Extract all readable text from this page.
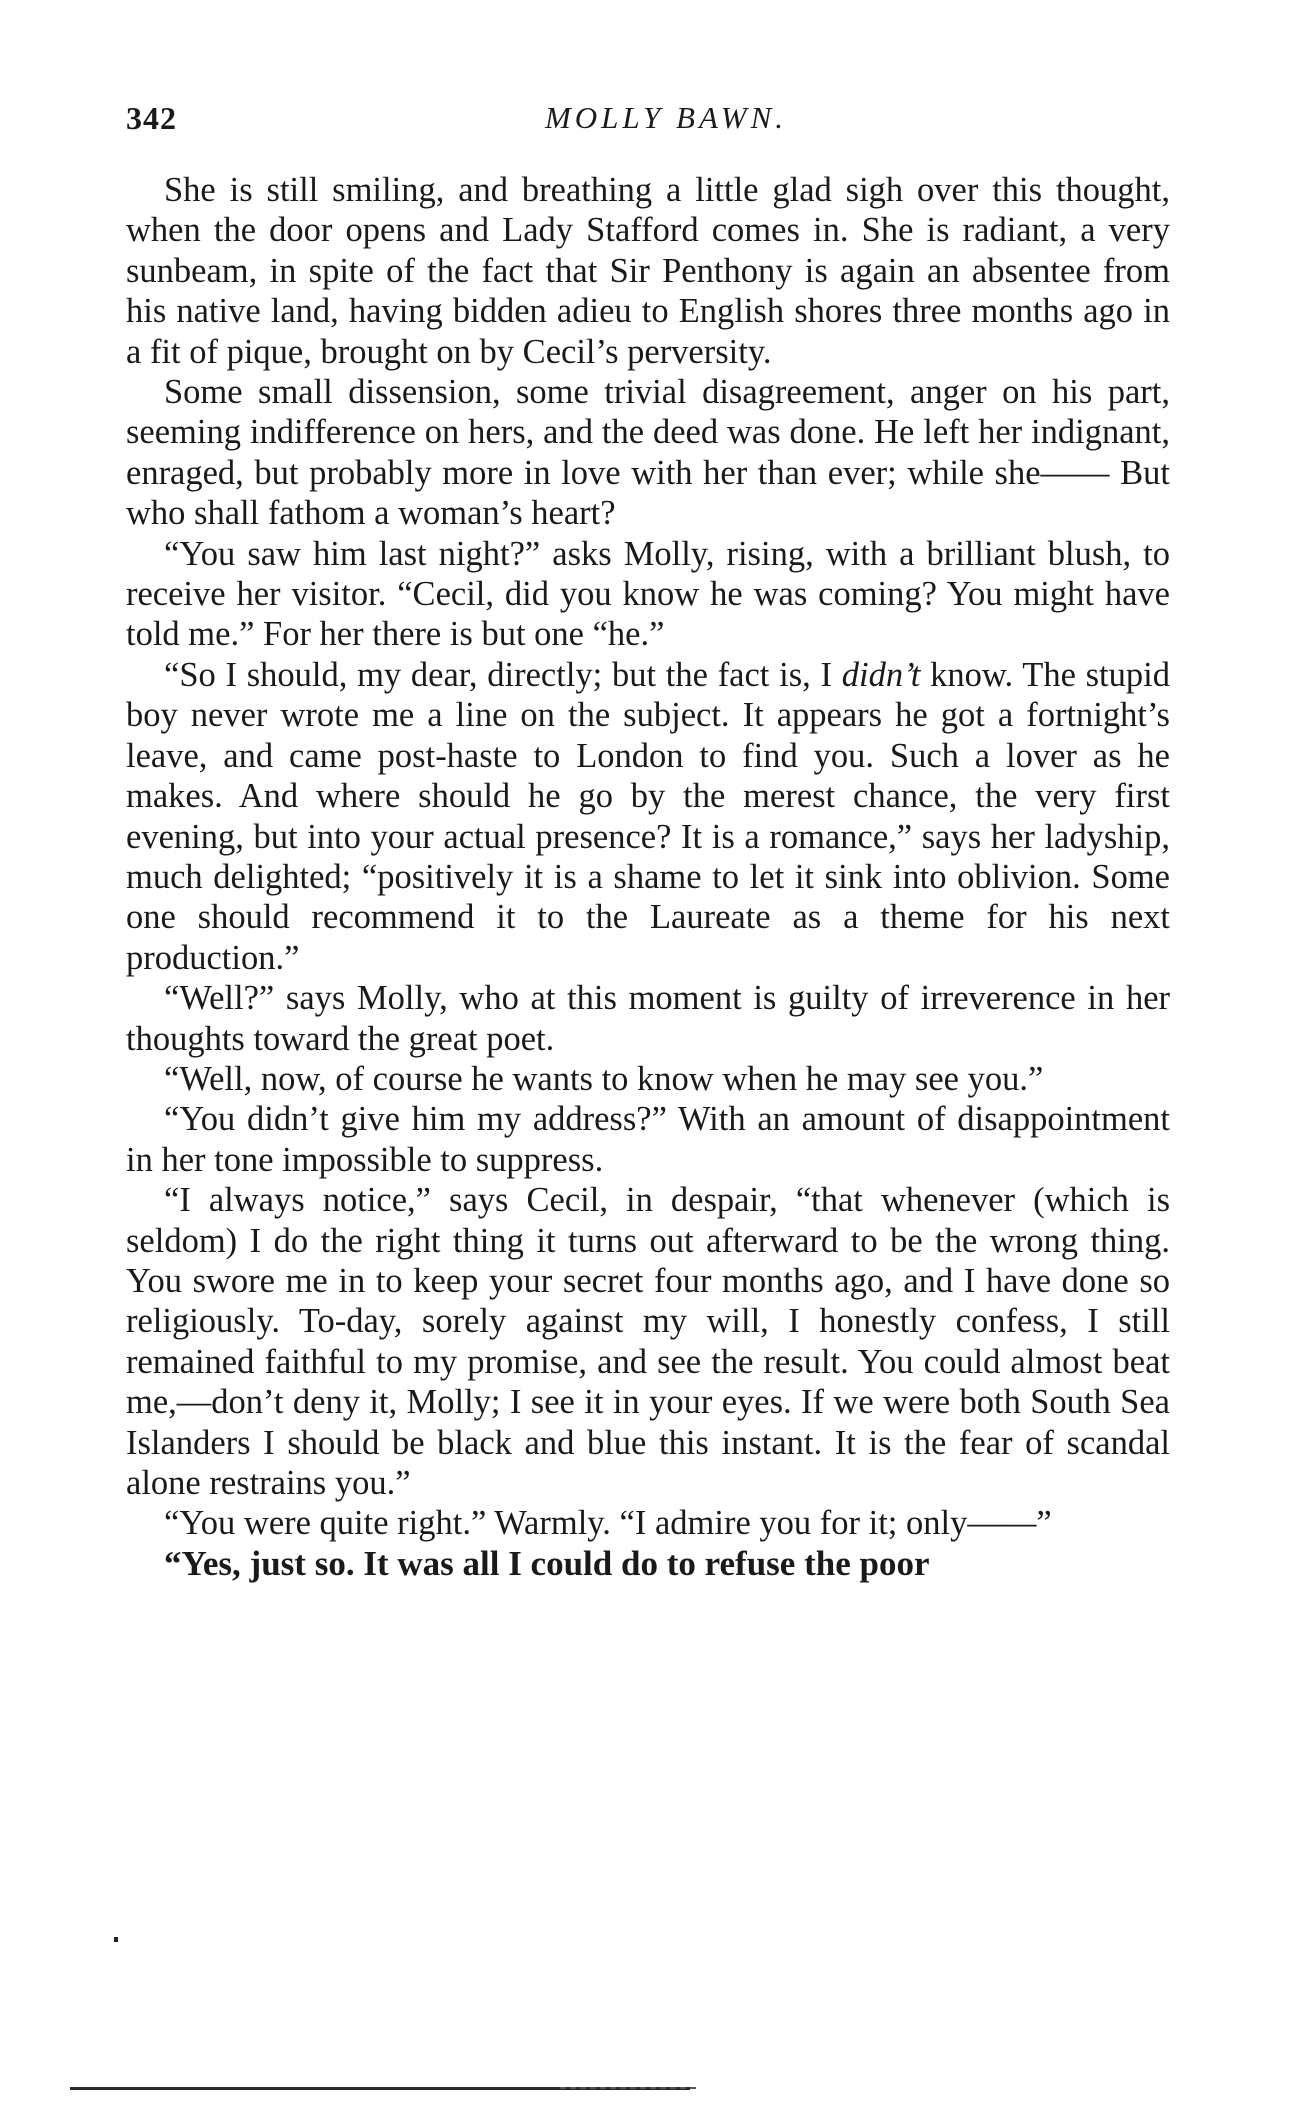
342	MOLLY BAWN.

She is still smiling, and breathing a little glad sigh over this thought, when the door opens and Lady Stafford comes in. She is radiant, a very sunbeam, in spite of the fact that Sir Penthony is again an absentee from his native land, having bidden adieu to English shores three months ago in a fit of pique, brought on by Cecil’s perversity.

Some small dissension, some trivial disagreement, anger on his part, seeming indifference on hers, and the deed was done. He left her indignant, enraged, but probably more in love with her than ever; while she—— But who shall fathom a woman’s heart?

“You saw him last night?” asks Molly, rising, with a brilliant blush, to receive her visitor. “Cecil, did you know he was coming? You might have told me.” For her there is but one “he.”

“So I should, my dear, directly; but the fact is, I didn’t know. The stupid boy never wrote me a line on the subject. It appears he got a fortnight’s leave, and came post-haste to London to find you. Such a lover as he makes. And where should he go by the merest chance, the very first evening, but into your actual presence? It is a romance,” says her ladyship, much delighted; “positively it is a shame to let it sink into oblivion. Some one should recommend it to the Laureate as a theme for his next production.”

“Well?” says Molly, who at this moment is guilty of irreverence in her thoughts toward the great poet.

“Well, now, of course he wants to know when he may see you.”

“You didn’t give him my address?” With an amount of disappointment in her tone impossible to suppress.

“I always notice,” says Cecil, in despair, “that whenever (which is seldom) I do the right thing it turns out afterward to be the wrong thing. You swore me in to keep your secret four months ago, and I have done so religiously. To-day, sorely against my will, I honestly confess, I still remained faithful to my promise, and see the result. You could almost beat me,—don’t deny it, Molly; I see it in your eyes. If we were both South Sea Islanders I should be black and blue this instant. It is the fear of scandal alone restrains you.”

“You were quite right.” Warmly. “I admire you for it; only——”

“Yes, just so. It was all I could do to refuse the poor
